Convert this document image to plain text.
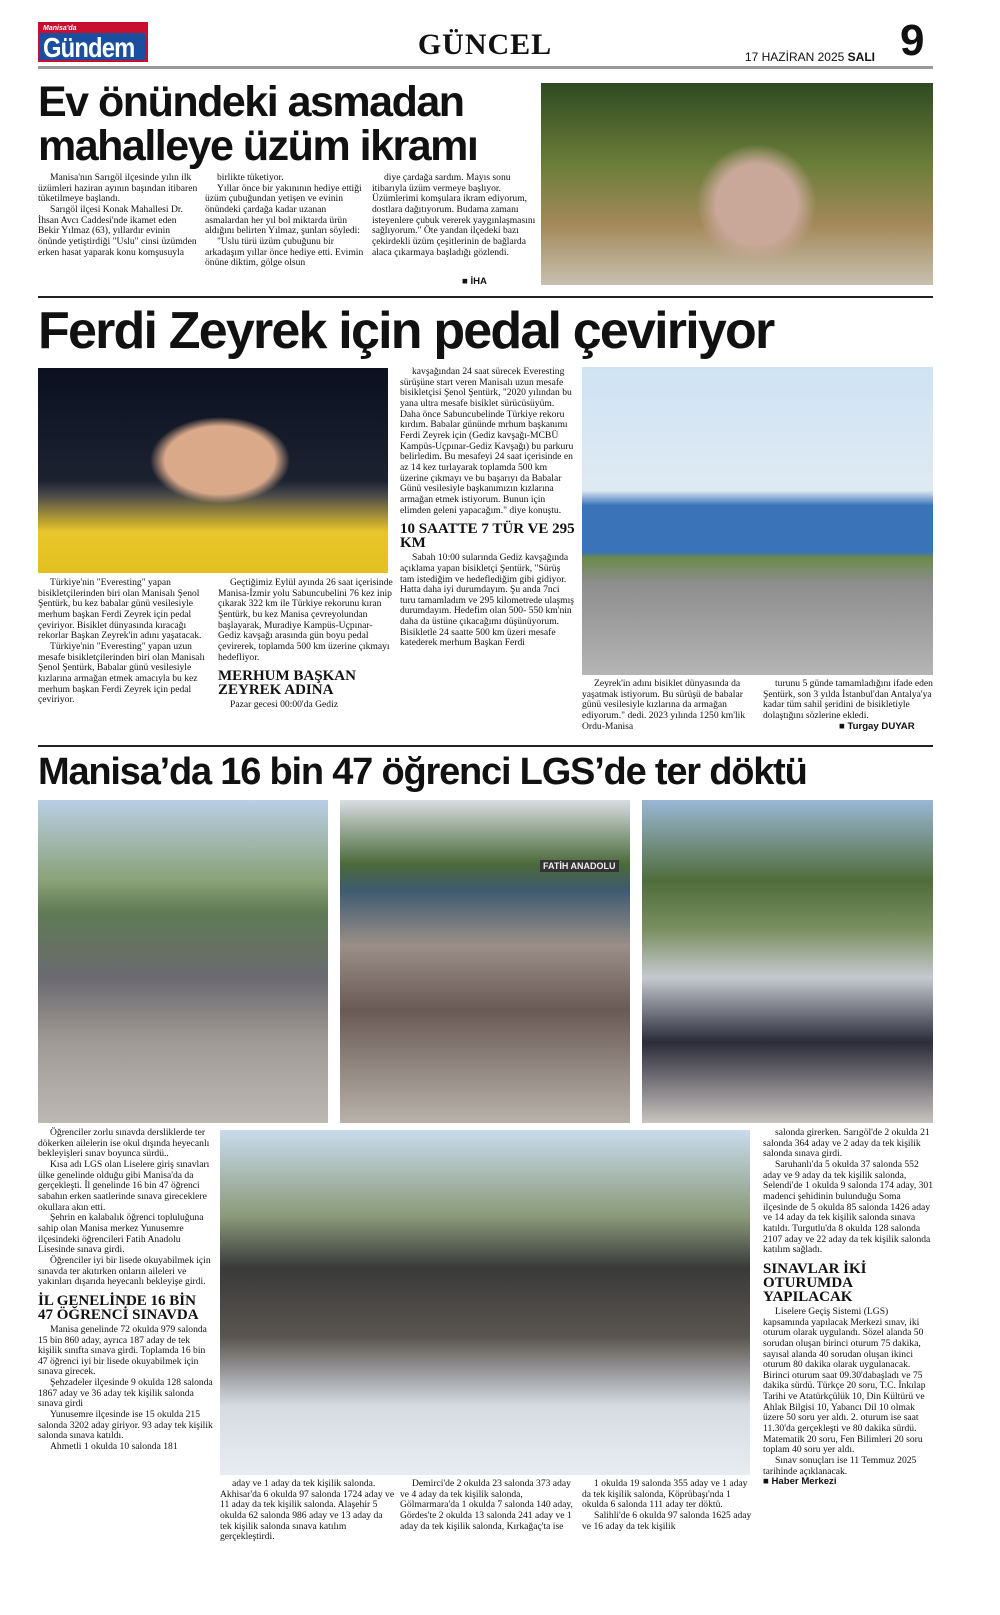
Manisa'da
Gündem	GÜNCEL	17 HAZİRAN 2025 SALI 9
Ev önündeki asmadan
mahalleye üzüm ikramı

Manisa'nın Sarıgöl ilçesinde yılın ilk üzümleri haziran ayının başından itibaren tüketilmeye başlandı.

Sarıgöl ilçesi Konak Mahallesi Dr. İhsan Avcı Caddesi'nde ikamet eden Bekir Yılmaz (63), yıllardır evinin önünde yetiştirdiği "Uslu" cinsi üzümden erken hasat yaparak konu komşusuyla

birlikte tüketiyor.

Yıllar önce bir yakınının hediye ettiği üzüm çubuğundan yetişen ve evinin önündeki çardağa kadar uzanan asmalardan her yıl bol miktarda ürün aldığını belirten Yılmaz, şunları söyledi:

"Uslu türü üzüm çubuğunu bir arkadaşım yıllar önce hediye etti. Evimin önüne diktim, gölge olsun

diye çardağa sardım. Mayıs sonu itibarıyla üzüm vermeye başlıyor. Üzümlerimi komşulara ikram ediyorum, dostlara dağıtıyorum. Budama zamanı isteyenlere çubuk vererek yaygınlaşmasını sağlıyorum." Öte yandan ilçedeki bazı çekirdekli üzüm çeşitlerinin de bağlarda alaca çıkarmaya başladığı gözlendi.

■ İHA
Ferdi Zeyrek için pedal çeviriyor

Türkiye'nin "Everesting" yapan bisikletçilerinden biri olan Manisalı Şenol Şentürk, bu kez babalar günü vesilesiyle merhum başkan Ferdi Zeyrek için pedal çeviriyor. Bisiklet dünyasında kıracağı rekorlar Başkan Zeyrek'in adını yaşatacak.

Türkiye'nin "Everesting" yapan uzun mesafe bisikletçilerinden biri olan Manisalı Şenol Şentürk, Babalar günü vesilesiyle kızlarına armağan etmek amacıyla bu kez merhum başkan Ferdi Zeyrek için pedal çeviriyor.

Geçtiğimiz Eylül ayında 26 saat içerisinde Manisa-İzmir yolu Sabuncubelini 76 kez inip çıkarak 322 km ile Türkiye rekorunu kıran Şentürk, bu kez Manisa çevreyolundan başlayarak, Muradiye Kampüs-Uçpınar-Gediz kavşağı arasında gün boyu pedal çevirerek, toplamda 500 km üzerine çıkmayı hedefliyor.

MERHUM BAŞKAN ZEYREK ADINA

Pazar gecesi 00:00'da Gediz

kavşağından 24 saat sürecek Everesting sürüşüne start veren Manisalı uzun mesafe bisikletçisi Şenol Şentürk, "2020 yılından bu yana ultra mesafe bisiklet sürücüsüyüm. Daha önce Sabuncubelinde Türkiye rekoru kırdım. Babalar gününde mrhum başkanımı Ferdi Zeyrek için (Gediz kavşağı-MCBÜ Kampüs-Uçpınar-Gediz Kavşağı) bu parkuru belirledim. Bu mesafeyi 24 saat içerisinde en az 14 kez turlayarak toplamda 500 km üzerine çıkmayı ve bu başarıyı da Babalar Günü vesilesiyle başkanımızın kızlarına armağan etmek istiyorum. Bunun için elimden geleni yapacağım." diye konuştu.

10 SAATTE 7 TÜR VE 295 KM

Sabah 10:00 sularında Gediz kavşağında açıklama yapan bisikletçi Şentürk, "Sürüş tam istediğim ve hedeflediğim gibi gidiyor. Hatta daha iyi durumdayım. Şu anda 7nci turu tamamladım ve 295 kilometrede ulaşmış durumdayım. Hedefim olan 500- 550 km'nin daha da üstüne çıkacağımı düşünüyorum. Bisikletle 24 saatte 500 km üzeri mesafe katederek merhum Başkan Ferdi

Zeyrek'in adını bisiklet dünyasında da yaşatmak istiyorum. Bu sürüşü de babalar günü vesilesiyle kızlarına da armağan ediyorum." dedi. 2023 yılında 1250 km'lik Ordu-Manisa

turunu 5 günde tamamladığını ifade eden Şentürk, son 3 yılda İstanbul'dan Antalya'ya kadar tüm sahil şeridini de bisikletiyle dolaştığını sözlerine ekledi.

■ Turgay DUYAR
Manisa’da 16 bin 47 öğrenci LGS’de ter döktü
FATİH ANADOLU

Öğrenciler zorlu sınavda dersliklerde ter dökerken ailelerin ise okul dışında heyecanlı bekleyişleri sınav boyunca sürdü..

Kısa adı LGS olan Liselere giriş sınavları ülke genelinde olduğu gibi Manisa'da da gerçekleşti. İl genelinde 16 bin 47 öğrenci sabahın erken saatlerinde sınava gireceklere okullara akın etti.

Şehrin en kalabalık öğrenci topluluğuna sahip olan Manisa merkez Yunusemre ilçesindeki öğrencileri Fatih Anadolu Lisesinde sınava girdi.

Öğrenciler iyi bir lisede okuyabilmek için sınavda ter akıtırken onların aileleri ve yakınları dışarıda heyecanlı bekleyişe girdi.

İL GENELİNDE 16 BİN 47 ÖĞRENCİ SINAVDA

Manisa genelinde 72 okulda 979 salonda 15 bin 860 aday, ayrıca 187 aday de tek kişilik sınıfta sınava girdi. Toplamda 16 bin 47 öğrenci iyi bir lisede okuyabilmek için sınava girecek.

Şehzadeler ilçesinde 9 okulda 128 salonda 1867 aday ve 36 aday tek kişilik salonda sınava girdi

Yunusemre ilçesinde ise 15 okulda 215 salonda 3202 aday giriyor. 93 aday tek kişilik salonda sınava katıldı.

Ahmetli 1 okulda 10 salonda 181

aday ve 1 aday da tek kişilik salonda. Akhisar'da 6 okulda 97 salonda 1724 aday ve 11 aday da tek kişilik salonda. Alaşehir 5 okulda 62 salonda 986 aday ve 13 aday da tek kişilik salonda sınava katılım gerçekleştirdi.

Demirci'de 2 okulda 23 salonda 373 aday ve 4 aday da tek kişilik salonda, Gölmarmara'da 1 okulda 7 salonda 140 aday, Gördes'te 2 okulda 13 salonda 241 aday ve 1 aday da tek kişilik salonda, Kırkağaç'ta ise

1 okulda 19 salonda 355 aday ve 1 aday da tek kişilik salonda, Köprübaşı'nda 1 okulda 6 salonda 111 aday ter döktü.

Salihli'de 6 okulda 97 salonda 1625 aday ve 16 aday da tek kişilik

salonda girerken. Sarıgöl'de 2 okulda 21 salonda 364 aday ve 2 aday da tek kişilik salonda sınava girdi.

Saruhanlı'da 5 okulda 37 salonda 552 aday ve 9 aday da tek kişilik salonda, Selendi'de 1 okulda 9 salonda 174 aday, 301 madenci şehidinin bulunduğu Soma ilçesinde de 5 okulda 85 salonda 1426 aday ve 14 aday da tek kişilik salonda sınava katıldı. Turgutlu'da 8 okulda 128 salonda 2107 aday ve 22 aday da tek kişilik salonda katılım sağladı.

SINAVLAR İKİ OTURUMDA YAPILACAK

Liselere Geçiş Sistemi (LGS) kapsamında yapılacak Merkezi sınav, iki oturum olarak uygulandı. Sözel alanda 50 sorudan oluşan birinci oturum 75 dakika, sayısal alanda 40 sorudan oluşan ikinci oturum 80 dakika olarak uygulanacak. Birinci oturum saat 09.30'dabaşladı ve 75 dakika sürdü. Türkçe 20 soru, T.C. İnkılap Tarihi ve Atatürkçülük 10, Din Kültürü ve Ahlak Bilgisi 10, Yabancı Dil 10 olmak üzere 50 soru yer aldı. 2. oturum ise saat 11.30'da gerçekleşti ve 80 dakika sürdü. Matematik 20 soru, Fen Bilimleri 20 soru toplam 40 soru yer aldı.

Sınav sonuçları ise 11 Temmuz 2025 tarihinde açıklanacak.

■ Haber Merkezi
